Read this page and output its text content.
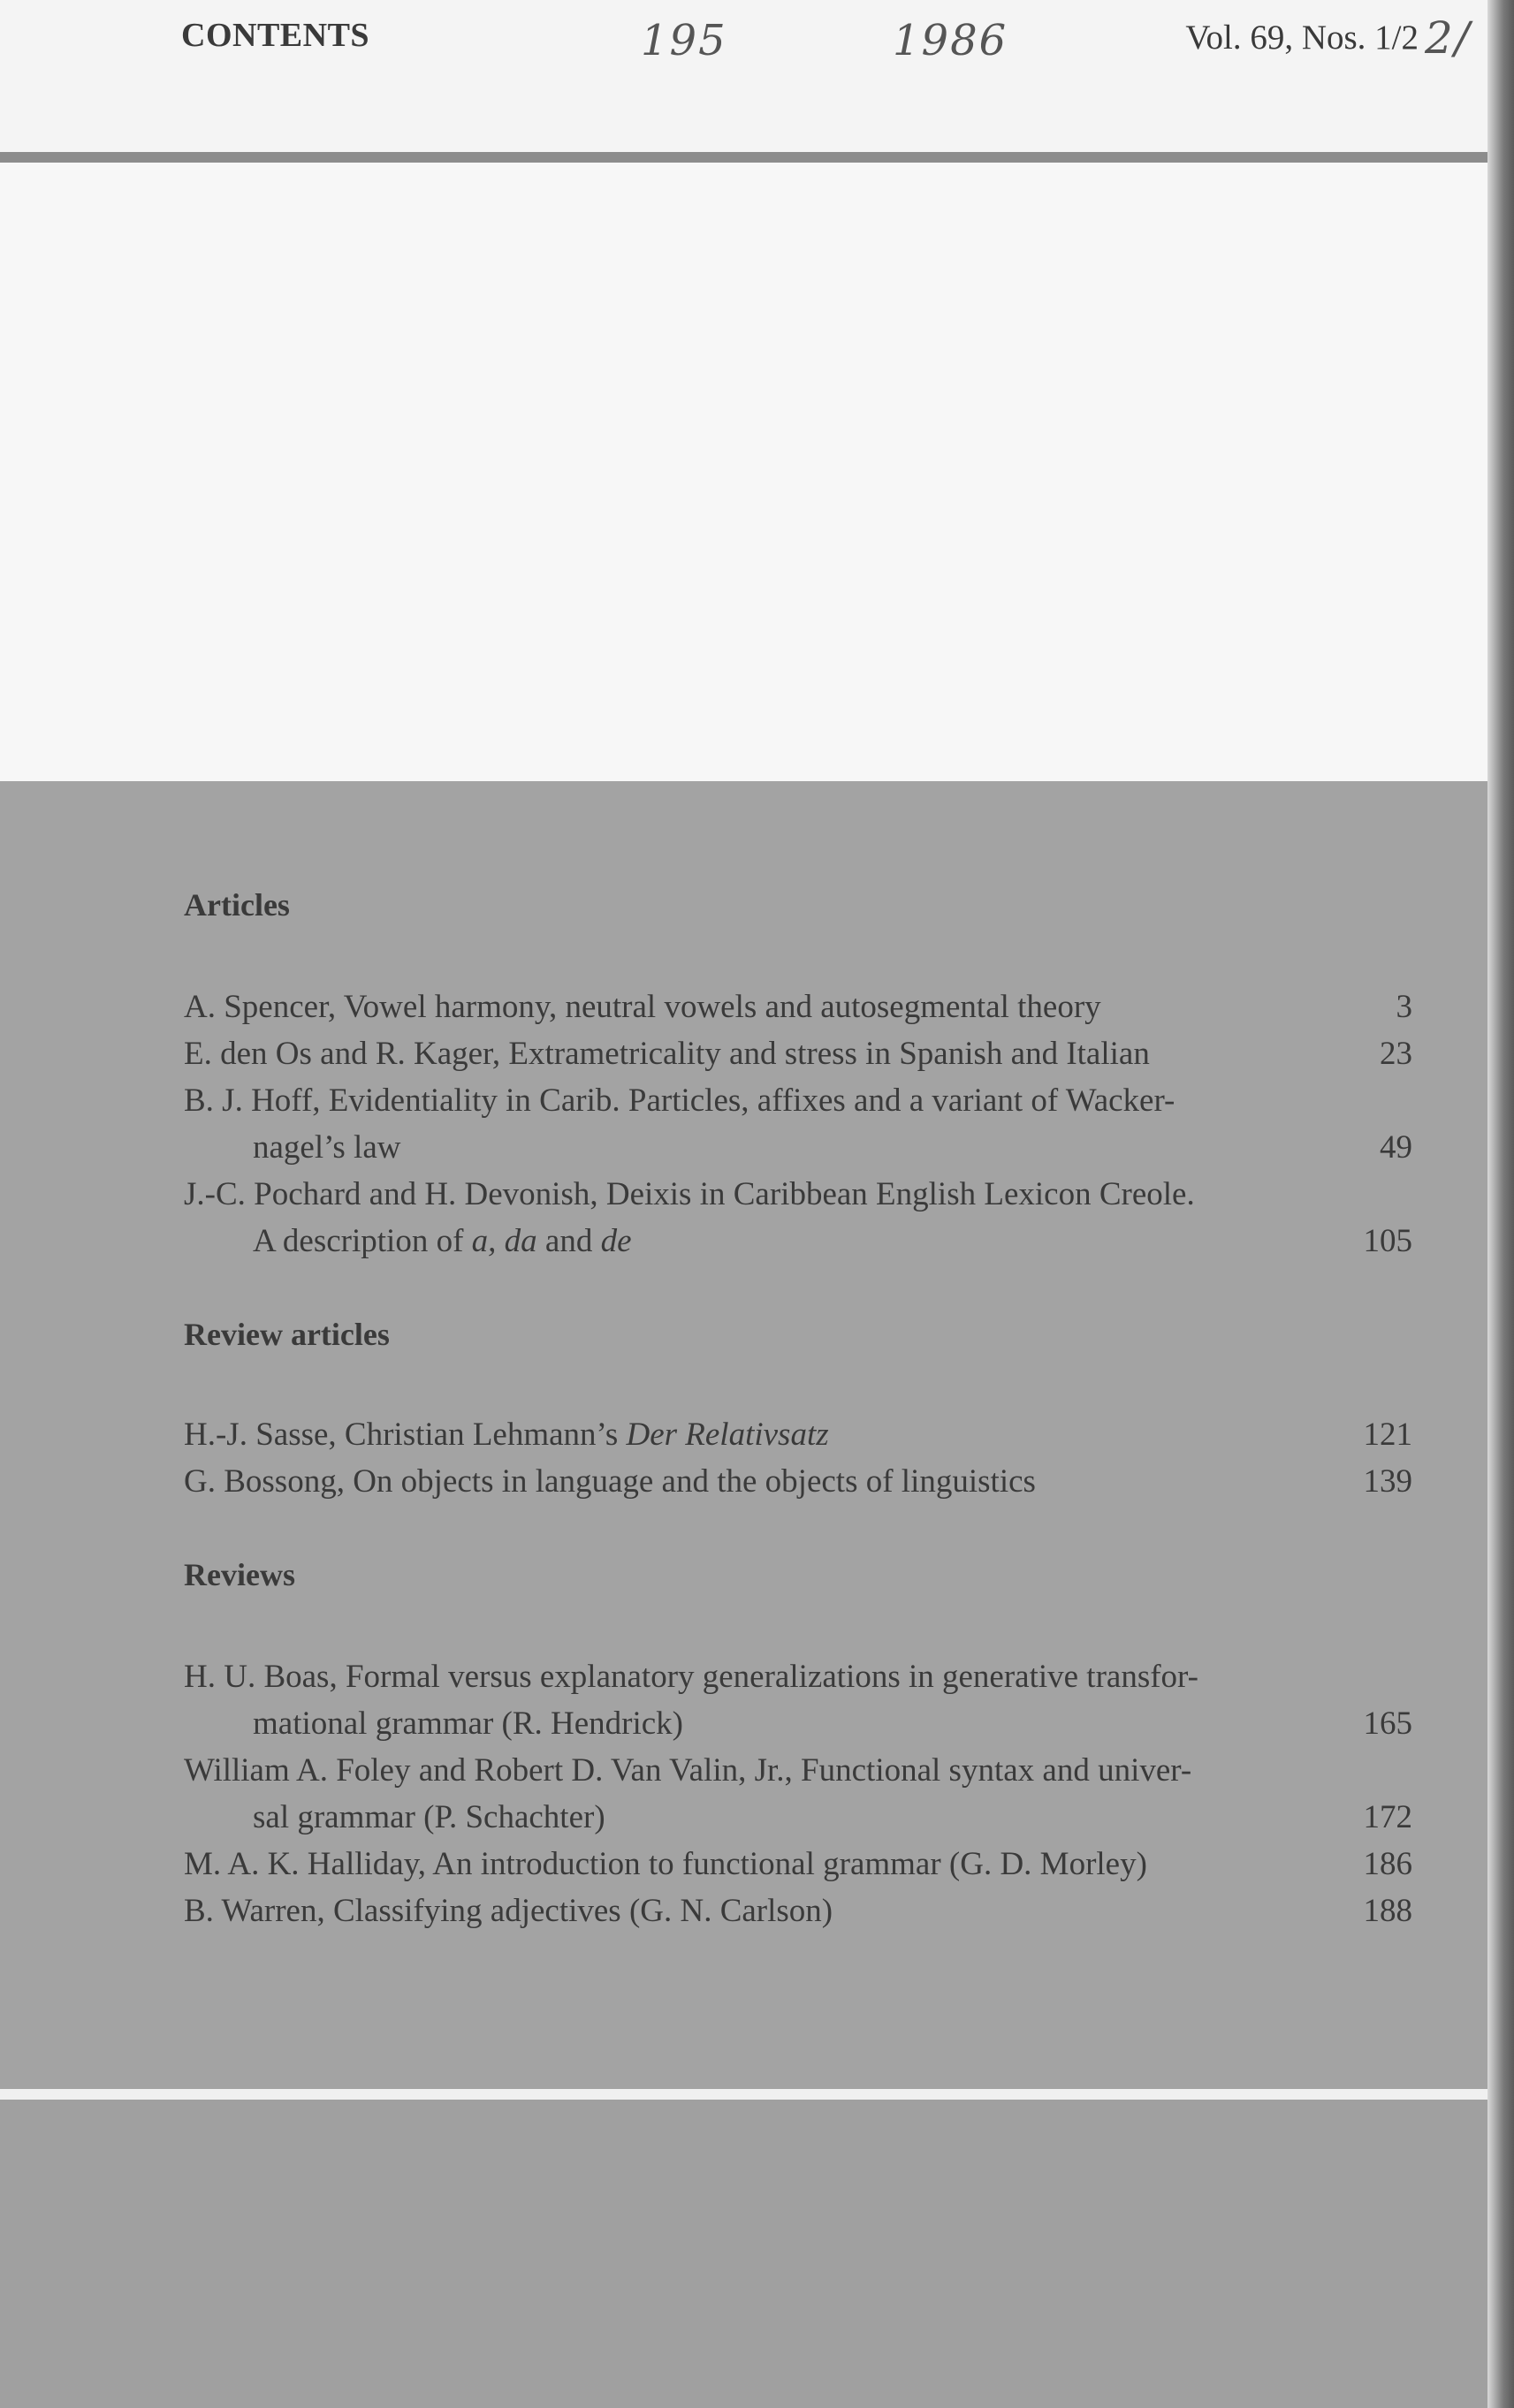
CONTENTS	195	1986	Vol. 69, Nos. 1/2 2/
Articles
A. Spencer, Vowel harmony, neutral vowels and autosegmental theory	3
E. den Os and R. Kager, Extrametricality and stress in Spanish and Italian	23
B. J. Hoff, Evidentiality in Carib. Particles, affixes and a variant of Wacker-
nagel’s law	49
J.-C. Pochard and H. Devonish, Deixis in Caribbean English Lexicon Creole.
A description of a, da and de	105
Review articles
H.-J. Sasse, Christian Lehmann’s Der Relativsatz	121
G. Bossong, On objects in language and the objects of linguistics	139
Reviews
H. U. Boas, Formal versus explanatory generalizations in generative transfor-
mational grammar (R. Hendrick)	165
William A. Foley and Robert D. Van Valin, Jr., Functional syntax and univer-
sal grammar (P. Schachter)	172
M. A. K. Halliday, An introduction to functional grammar (G. D. Morley)	186
B. Warren, Classifying adjectives (G. N. Carlson)	188
